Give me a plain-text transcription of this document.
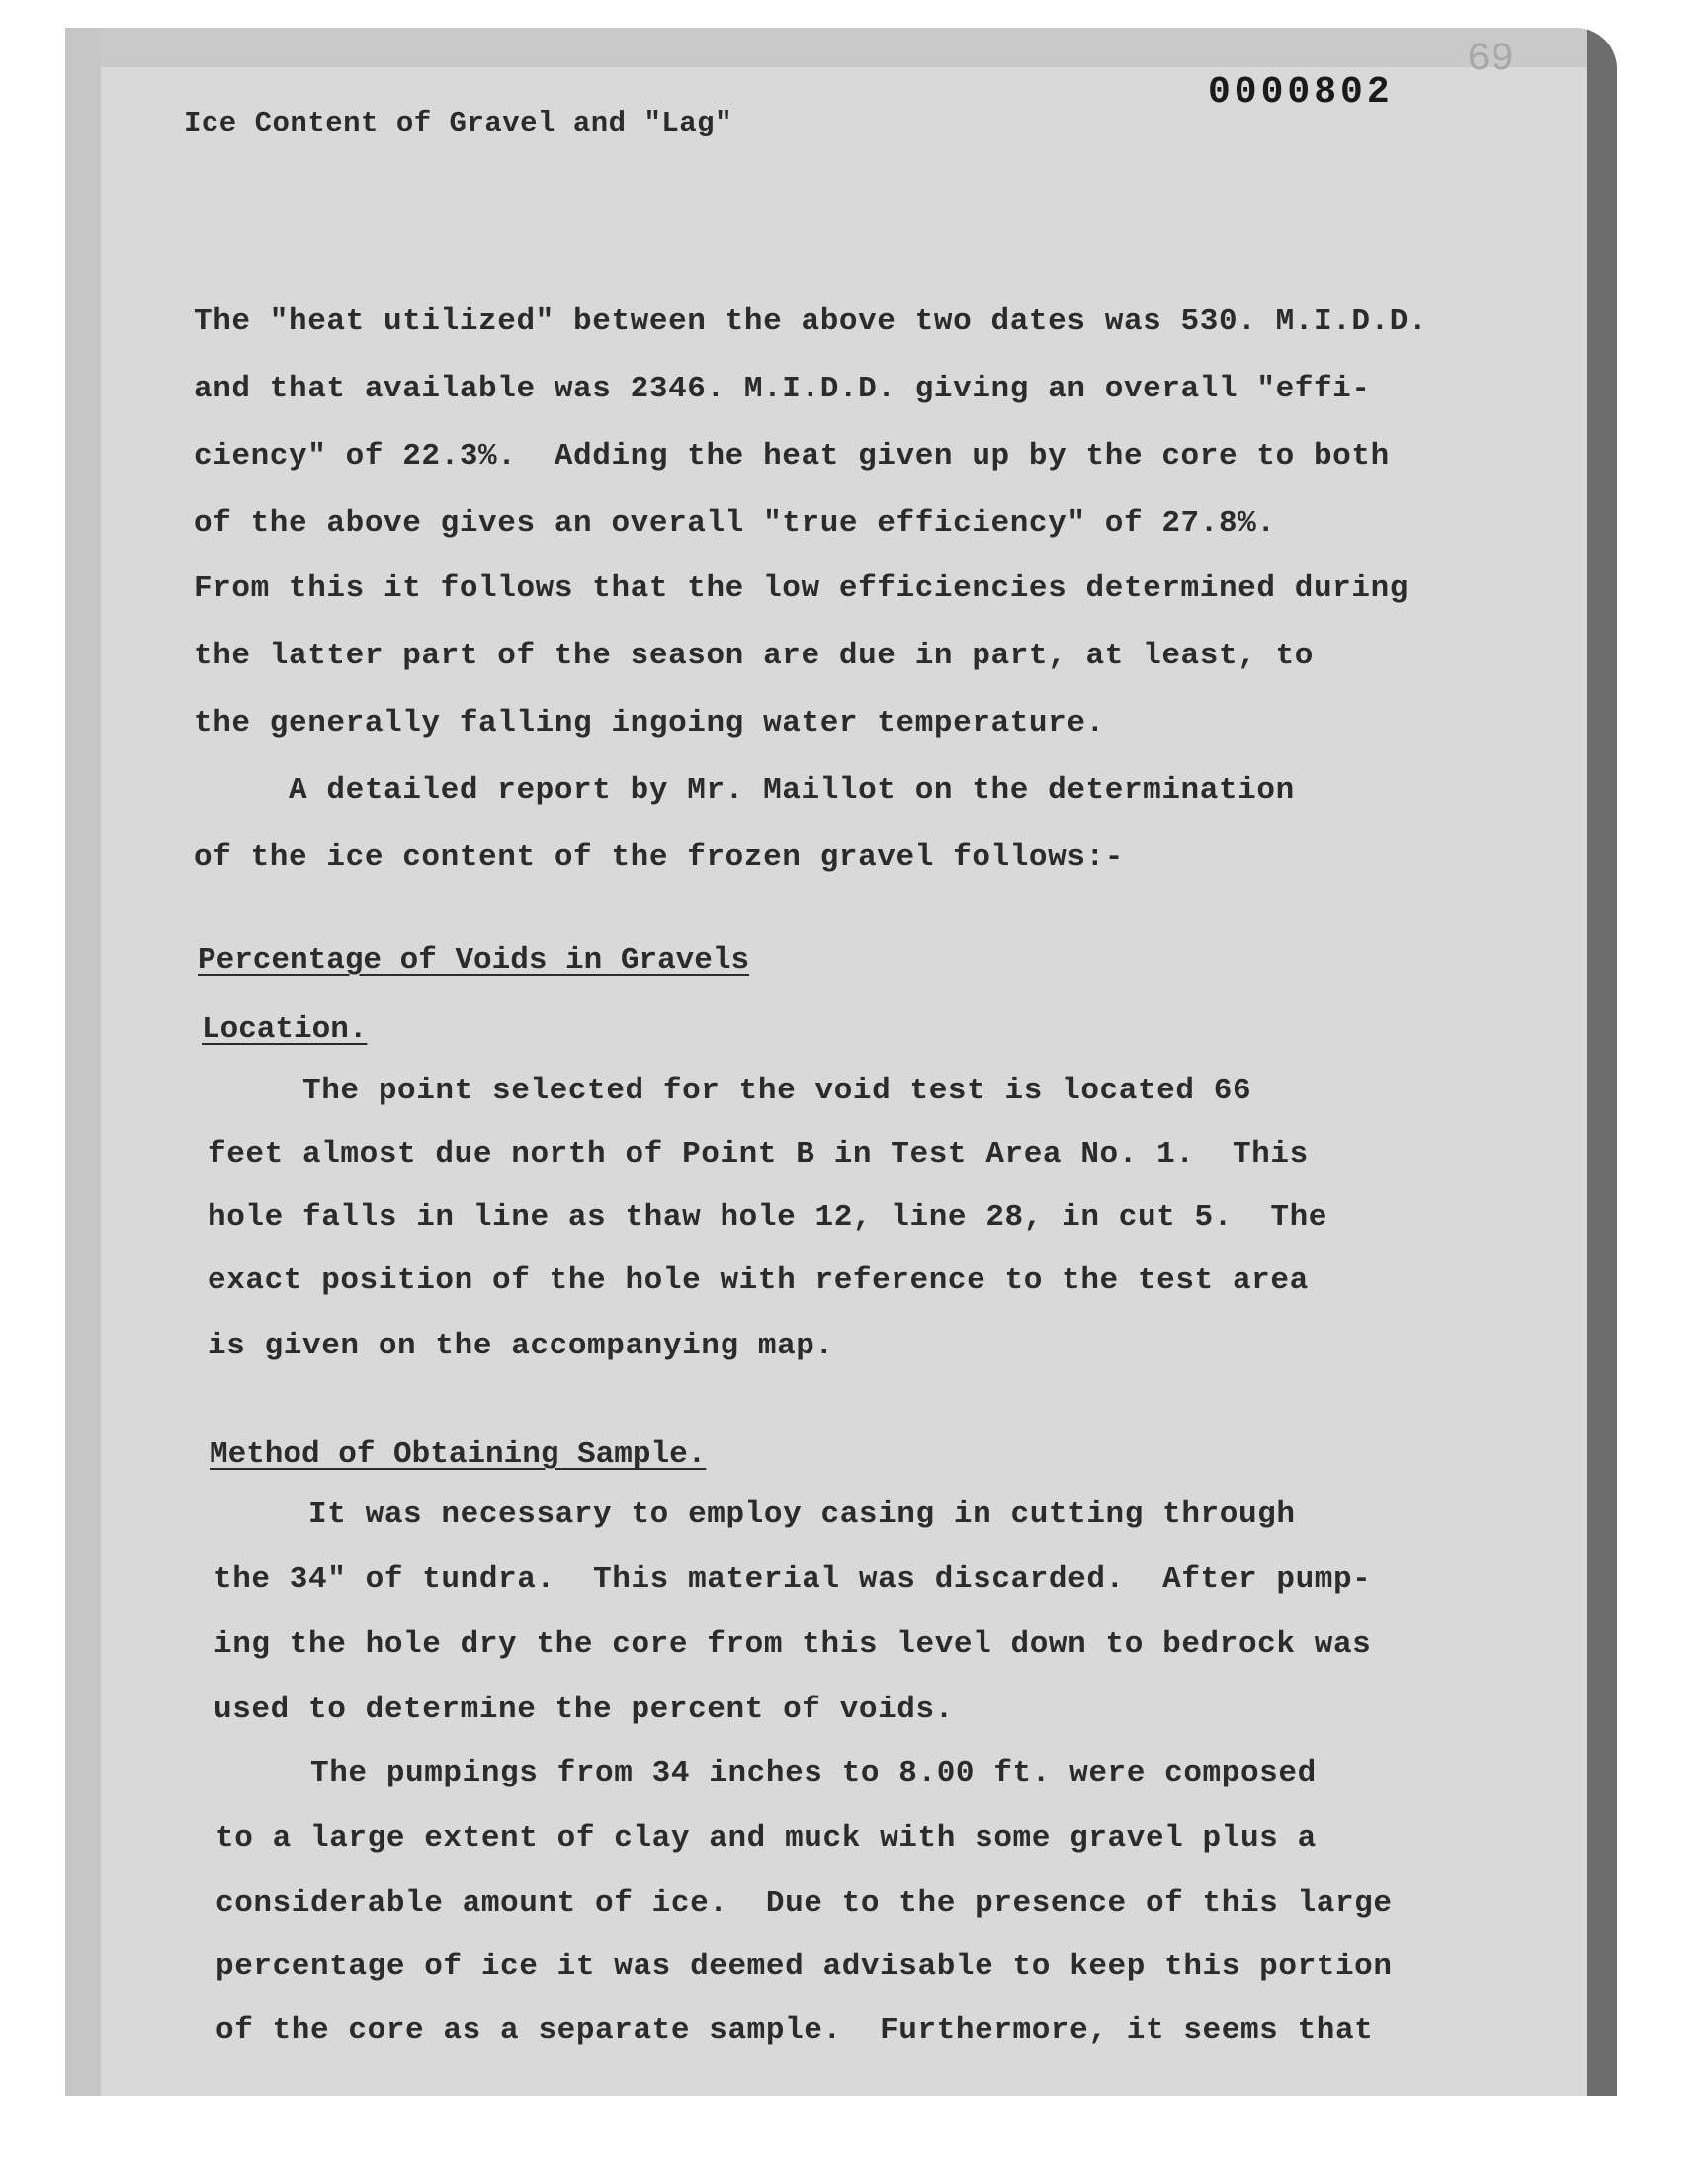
69

0000802

Ice Content of Gravel and "Lag"

The "heat utilized" between the above two dates was 530. M.I.D.D.

and that available was 2346. M.I.D.D. giving an overall "effi-

ciency" of 22.3%.  Adding the heat given up by the core to both

of the above gives an overall "true efficiency" of 27.8%.

From this it follows that the low efficiencies determined during

the latter part of the season are due in part, at least, to

the generally falling ingoing water temperature.

A detailed report by Mr. Maillot on the determination

of the ice content of the frozen gravel follows:-

Percentage of Voids in Gravels

Location.

The point selected for the void test is located 66

feet almost due north of Point B in Test Area No. 1.  This

hole falls in line as thaw hole 12, line 28, in cut 5.  The

exact position of the hole with reference to the test area

is given on the accompanying map.

Method of Obtaining Sample.

It was necessary to employ casing in cutting through

the 34" of tundra.  This material was discarded.  After pump-

ing the hole dry the core from this level down to bedrock was

used to determine the percent of voids.

The pumpings from 34 inches to 8.00 ft. were composed

to a large extent of clay and muck with some gravel plus a

considerable amount of ice.  Due to the presence of this large

percentage of ice it was deemed advisable to keep this portion

of the core as a separate sample.  Furthermore, it seems that
